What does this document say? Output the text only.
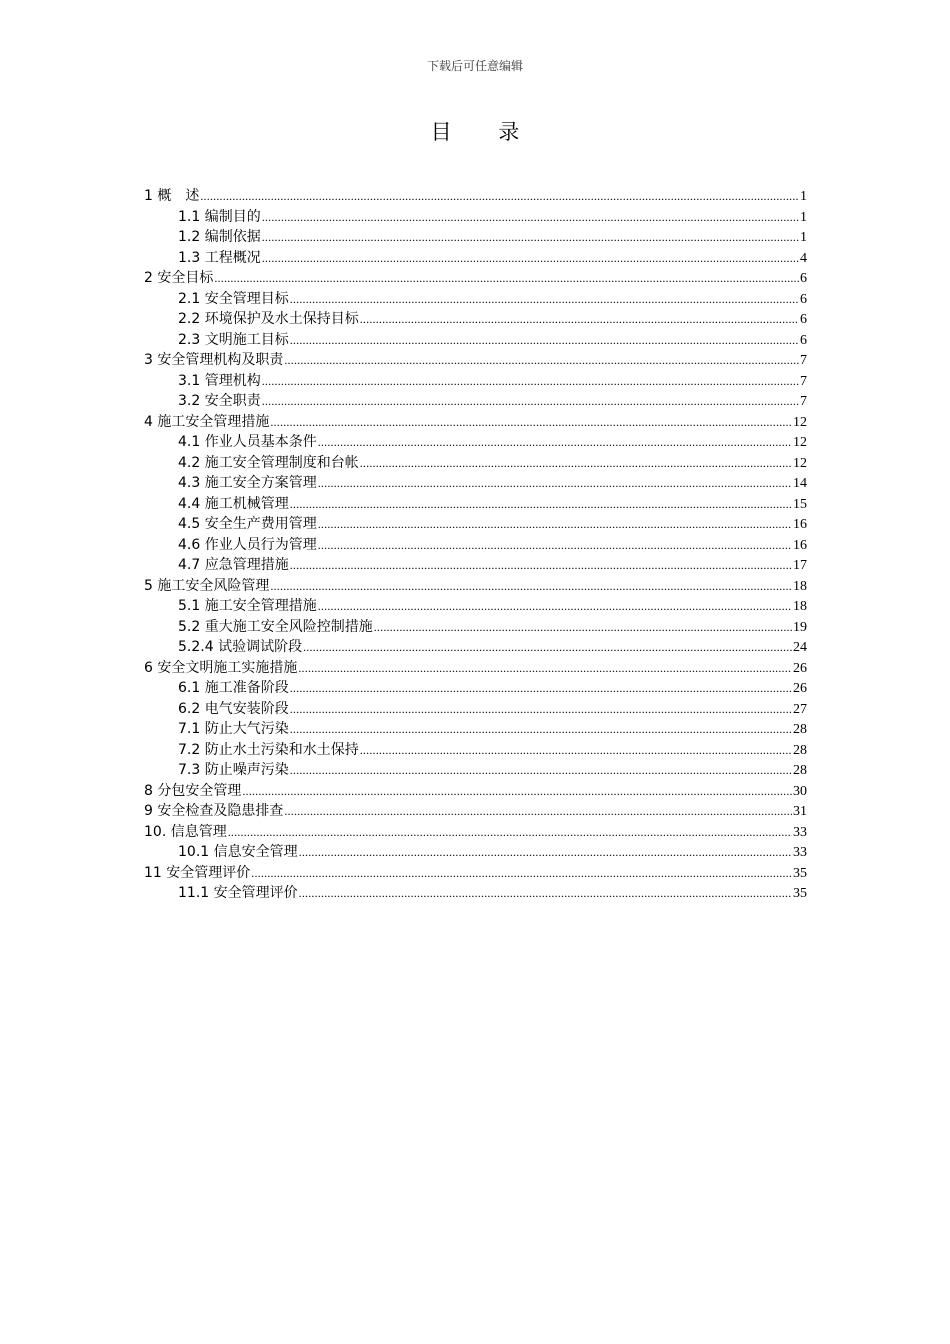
下载后可任意编辑
目 录
1 概　述 .....	1
1.1 编制目的 .....	1
1.2 编制依据 .....	1
1.3 工程概况 .....	4
2 安全目标 .....	6
2.1 安全管理目标 .....	6
2.2 环境保护及水土保持目标 .....	6
2.3 文明施工目标 .....	6
3 安全管理机构及职责 .....	7
3.1 管理机构 .....	7
3.2 安全职责 .....	7
4 施工安全管理措施 .....	12
4.1 作业人员基本条件 .....	12
4.2 施工安全管理制度和台帐 .....	12
4.3 施工安全方案管理 .....	14
4.4 施工机械管理 .....	15
4.5 安全生产费用管理 .....	16
4.6 作业人员行为管理 .....	16
4.7 应急管理措施 .....	17
5 施工安全风险管理 .....	18
5.1 施工安全管理措施 .....	18
5.2 重大施工安全风险控制措施 .....	19
5.2.4 试验调试阶段 .....	24
6 安全文明施工实施措施 .....	26
6.1 施工准备阶段 .....	26
6.2 电气安装阶段 .....	27
7.1 防止大气污染 .....	28
7.2 防止水土污染和水土保持 .....	28
7.3 防止噪声污染 .....	28
8 分包安全管理 .....	30
9 安全检查及隐患排查 .....	31
10. 信息管理 .....	33
10.1 信息安全管理 .....	33
11 安全管理评价 .....	35
11.1 安全管理评价 .....	35
